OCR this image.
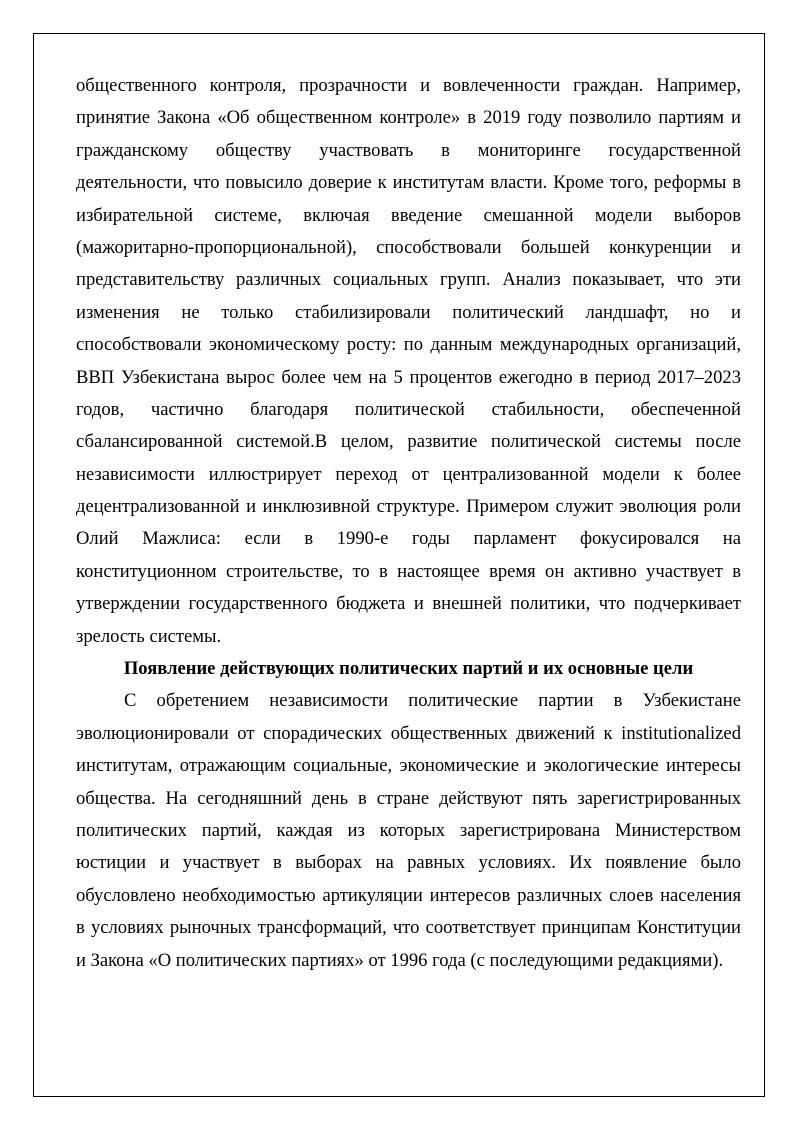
общественного контроля, прозрачности и вовлеченности граждан. Например,
принятие Закона «Об общественном контроле» в 2019 году позволило партиям и
гражданскому обществу участвовать в мониторинге государственной
деятельности, что повысило доверие к институтам власти. Кроме того, реформы в
избирательной системе, включая введение смешанной модели выборов
(мажоритарно-пропорциональной), способствовали большей конкуренции и
представительству различных социальных групп. Анализ показывает, что эти
изменения не только стабилизировали политический ландшафт, но и
способствовали экономическому росту: по данным международных организаций,
ВВП Узбекистана вырос более чем на 5 процентов ежегодно в период 2017–2023
годов, частично благодаря политической стабильности, обеспеченной
сбалансированной системой.В целом, развитие политической системы после
независимости иллюстрирует переход от централизованной модели к более
децентрализованной и инклюзивной структуре. Примером служит эволюция роли
Олий Мажлиса: если в 1990-е годы парламент фокусировался на
конституционном строительстве, то в настоящее время он активно участвует в
утверждении государственного бюджета и внешней политики, что подчеркивает
зрелость системы.
Появление действующих политических партий и их основные цели
С обретением независимости политические партии в Узбекистане
эволюционировали от спорадических общественных движений к institutionalized
институтам, отражающим социальные, экономические и экологические интересы
общества. На сегодняшний день в стране действуют пять зарегистрированных
политических партий, каждая из которых зарегистрирована Министерством
юстиции и участвует в выборах на равных условиях. Их появление было
обусловлено необходимостью артикуляции интересов различных слоев населения
в условиях рыночных трансформаций, что соответствует принципам Конституции
и Закона «О политических партиях» от 1996 года (с последующими редакциями).
